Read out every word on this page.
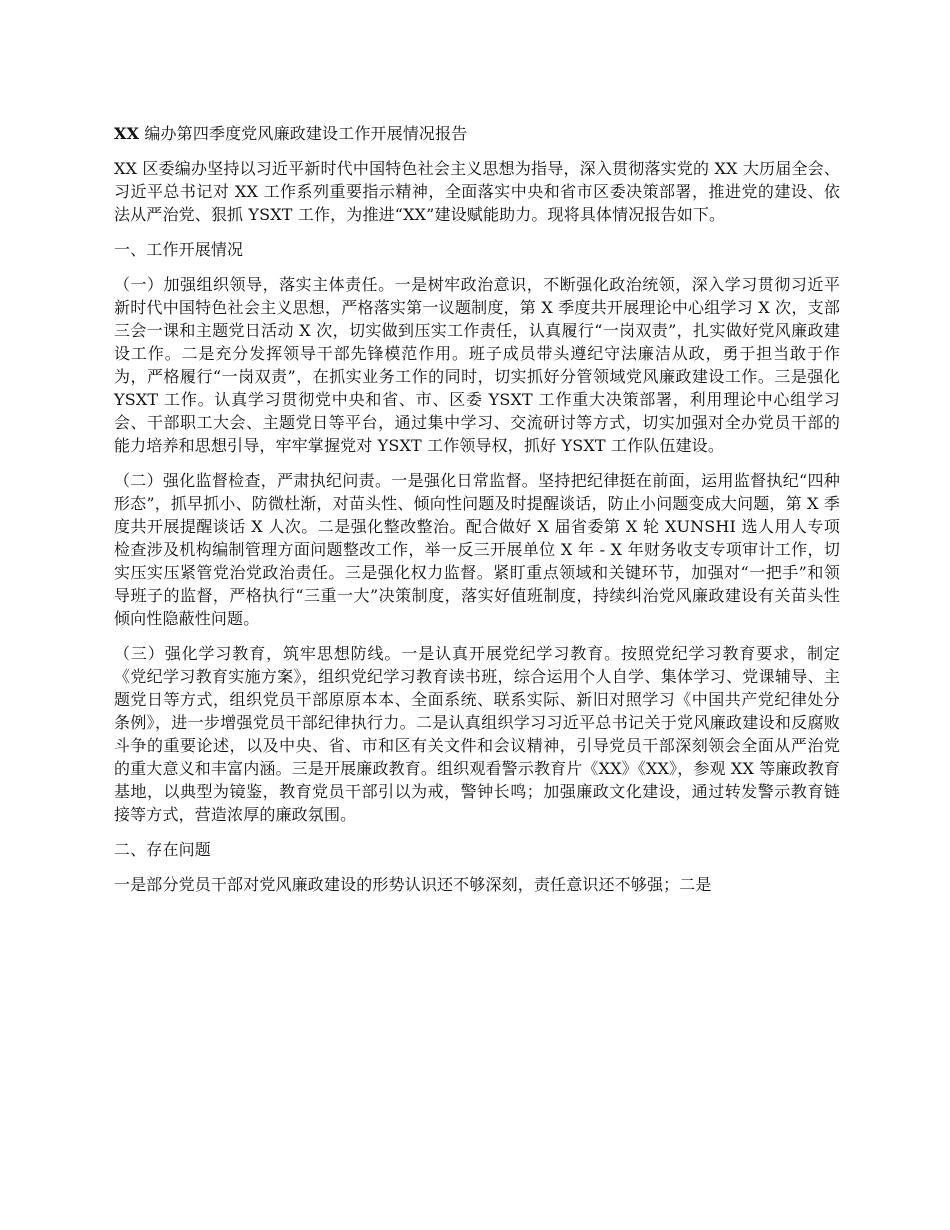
XX 编办第四季度党风廉政建设工作开展情况报告

XX 区委编办坚持以习近平新时代中国特色社会主义思想为指导，深入贯彻落实党的 XX 大历届全会、习近平总书记对 XX 工作系列重要指示精神，全面落实中央和省市区委决策部署，推进党的建设、依法从严治党、狠抓 YSXT 工作，为推进“XX”建设赋能助力。现将具体情况报告如下。

一、工作开展情况

（一）加强组织领导，落实主体责任。一是树牢政治意识，不断强化政治统领，深入学习贯彻习近平新时代中国特色社会主义思想，严格落实第一议题制度，第 X 季度共开展理论中心组学习 X 次，支部三会一课和主题党日活动 X 次，切实做到压实工作责任，认真履行“一岗双责”，扎实做好党风廉政建设工作。二是充分发挥领导干部先锋模范作用。班子成员带头遵纪守法廉洁从政，勇于担当敢于作为，严格履行“一岗双责”，在抓实业务工作的同时，切实抓好分管领域党风廉政建设工作。三是强化 YSXT 工作。认真学习贯彻党中央和省、市、区委 YSXT 工作重大决策部署，利用理论中心组学习会、干部职工大会、主题党日等平台，通过集中学习、交流研讨等方式，切实加强对全办党员干部的能力培养和思想引导，牢牢掌握党对 YSXT 工作领导权，抓好 YSXT 工作队伍建设。

（二）强化监督检查，严肃执纪问责。一是强化日常监督。坚持把纪律挺在前面，运用监督执纪“四种形态”，抓早抓小、防微杜渐，对苗头性、倾向性问题及时提醒谈话，防止小问题变成大问题，第 X 季度共开展提醒谈话 X 人次。二是强化整改整治。配合做好 X 届省委第 X 轮 XUNSHI 选人用人专项检查涉及机构编制管理方面问题整改工作，举一反三开展单位 X 年 - X 年财务收支专项审计工作，切实压实压紧管党治党政治责任。三是强化权力监督。紧盯重点领域和关键环节，加强对“一把手”和领导班子的监督，严格执行“三重一大”决策制度，落实好值班制度，持续纠治党风廉政建设有关苗头性倾向性隐蔽性问题。

（三）强化学习教育，筑牢思想防线。一是认真开展党纪学习教育。按照党纪学习教育要求，制定《党纪学习教育实施方案》，组织党纪学习教育读书班，综合运用个人自学、集体学习、党课辅导、主题党日等方式，组织党员干部原原本本、全面系统、联系实际、新旧对照学习《中国共产党纪律处分条例》，进一步增强党员干部纪律执行力。二是认真组织学习习近平总书记关于党风廉政建设和反腐败斗争的重要论述，以及中央、省、市和区有关文件和会议精神，引导党员干部深刻领会全面从严治党的重大意义和丰富内涵。三是开展廉政教育。组织观看警示教育片《XX》《XX》，参观 XX 等廉政教育基地，以典型为镜鉴，教育党员干部引以为戒，警钟长鸣；加强廉政文化建设，通过转发警示教育链接等方式，营造浓厚的廉政氛围。

二、存在问题

一是部分党员干部对党风廉政建设的形势认识还不够深刻，责任意识还不够强；二是
